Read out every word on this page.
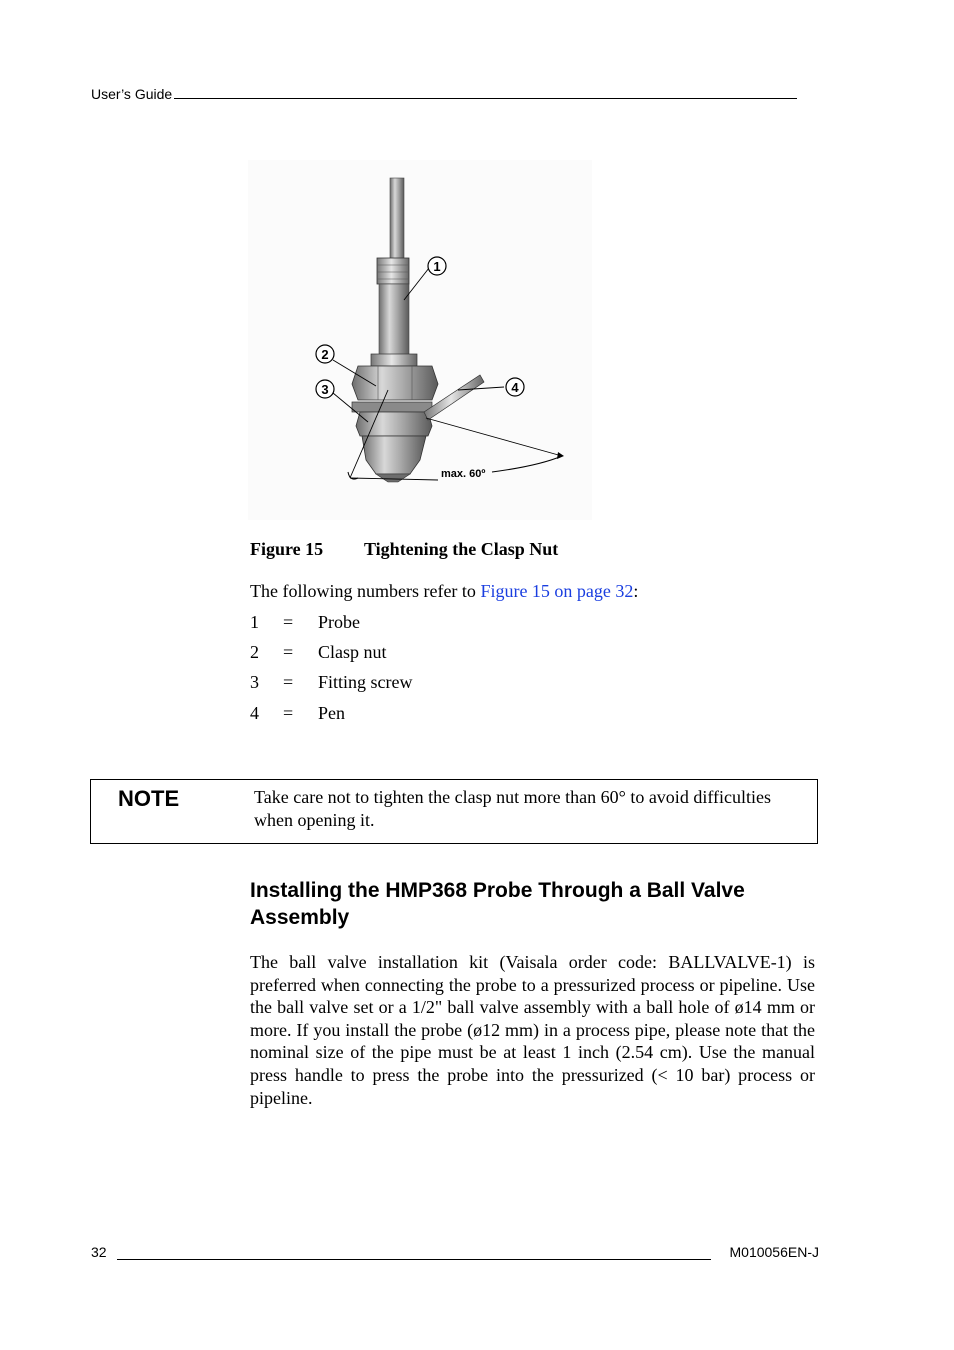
User’s Guide
1
2
3	4
max. 60º
Figure 15 Tightening the Clasp Nut
The following numbers refer to Figure 15 on page 32:
1 = Probe
2 = Clasp nut
3 = Fitting screw
4 = Pen
NOTE	Take care not to tighten the clasp nut more than 60° to avoid difficulties when opening it.
Installing the HMP368 Probe Through a Ball Valve Assembly
The ball valve installation kit (Vaisala order code: BALLVALVE-1) is preferred when connecting the probe to a pressurized process or pipeline. Use the ball valve set or a 1/2" ball valve assembly with a ball hole of ø14 mm or more. If you install the probe (ø12 mm) in a process pipe, please note that the nominal size of the pipe must be at least 1 inch (2.54 cm). Use the manual press handle to press the probe into the pressurized (< 10 bar) process or pipeline.
32	M010056EN-J
